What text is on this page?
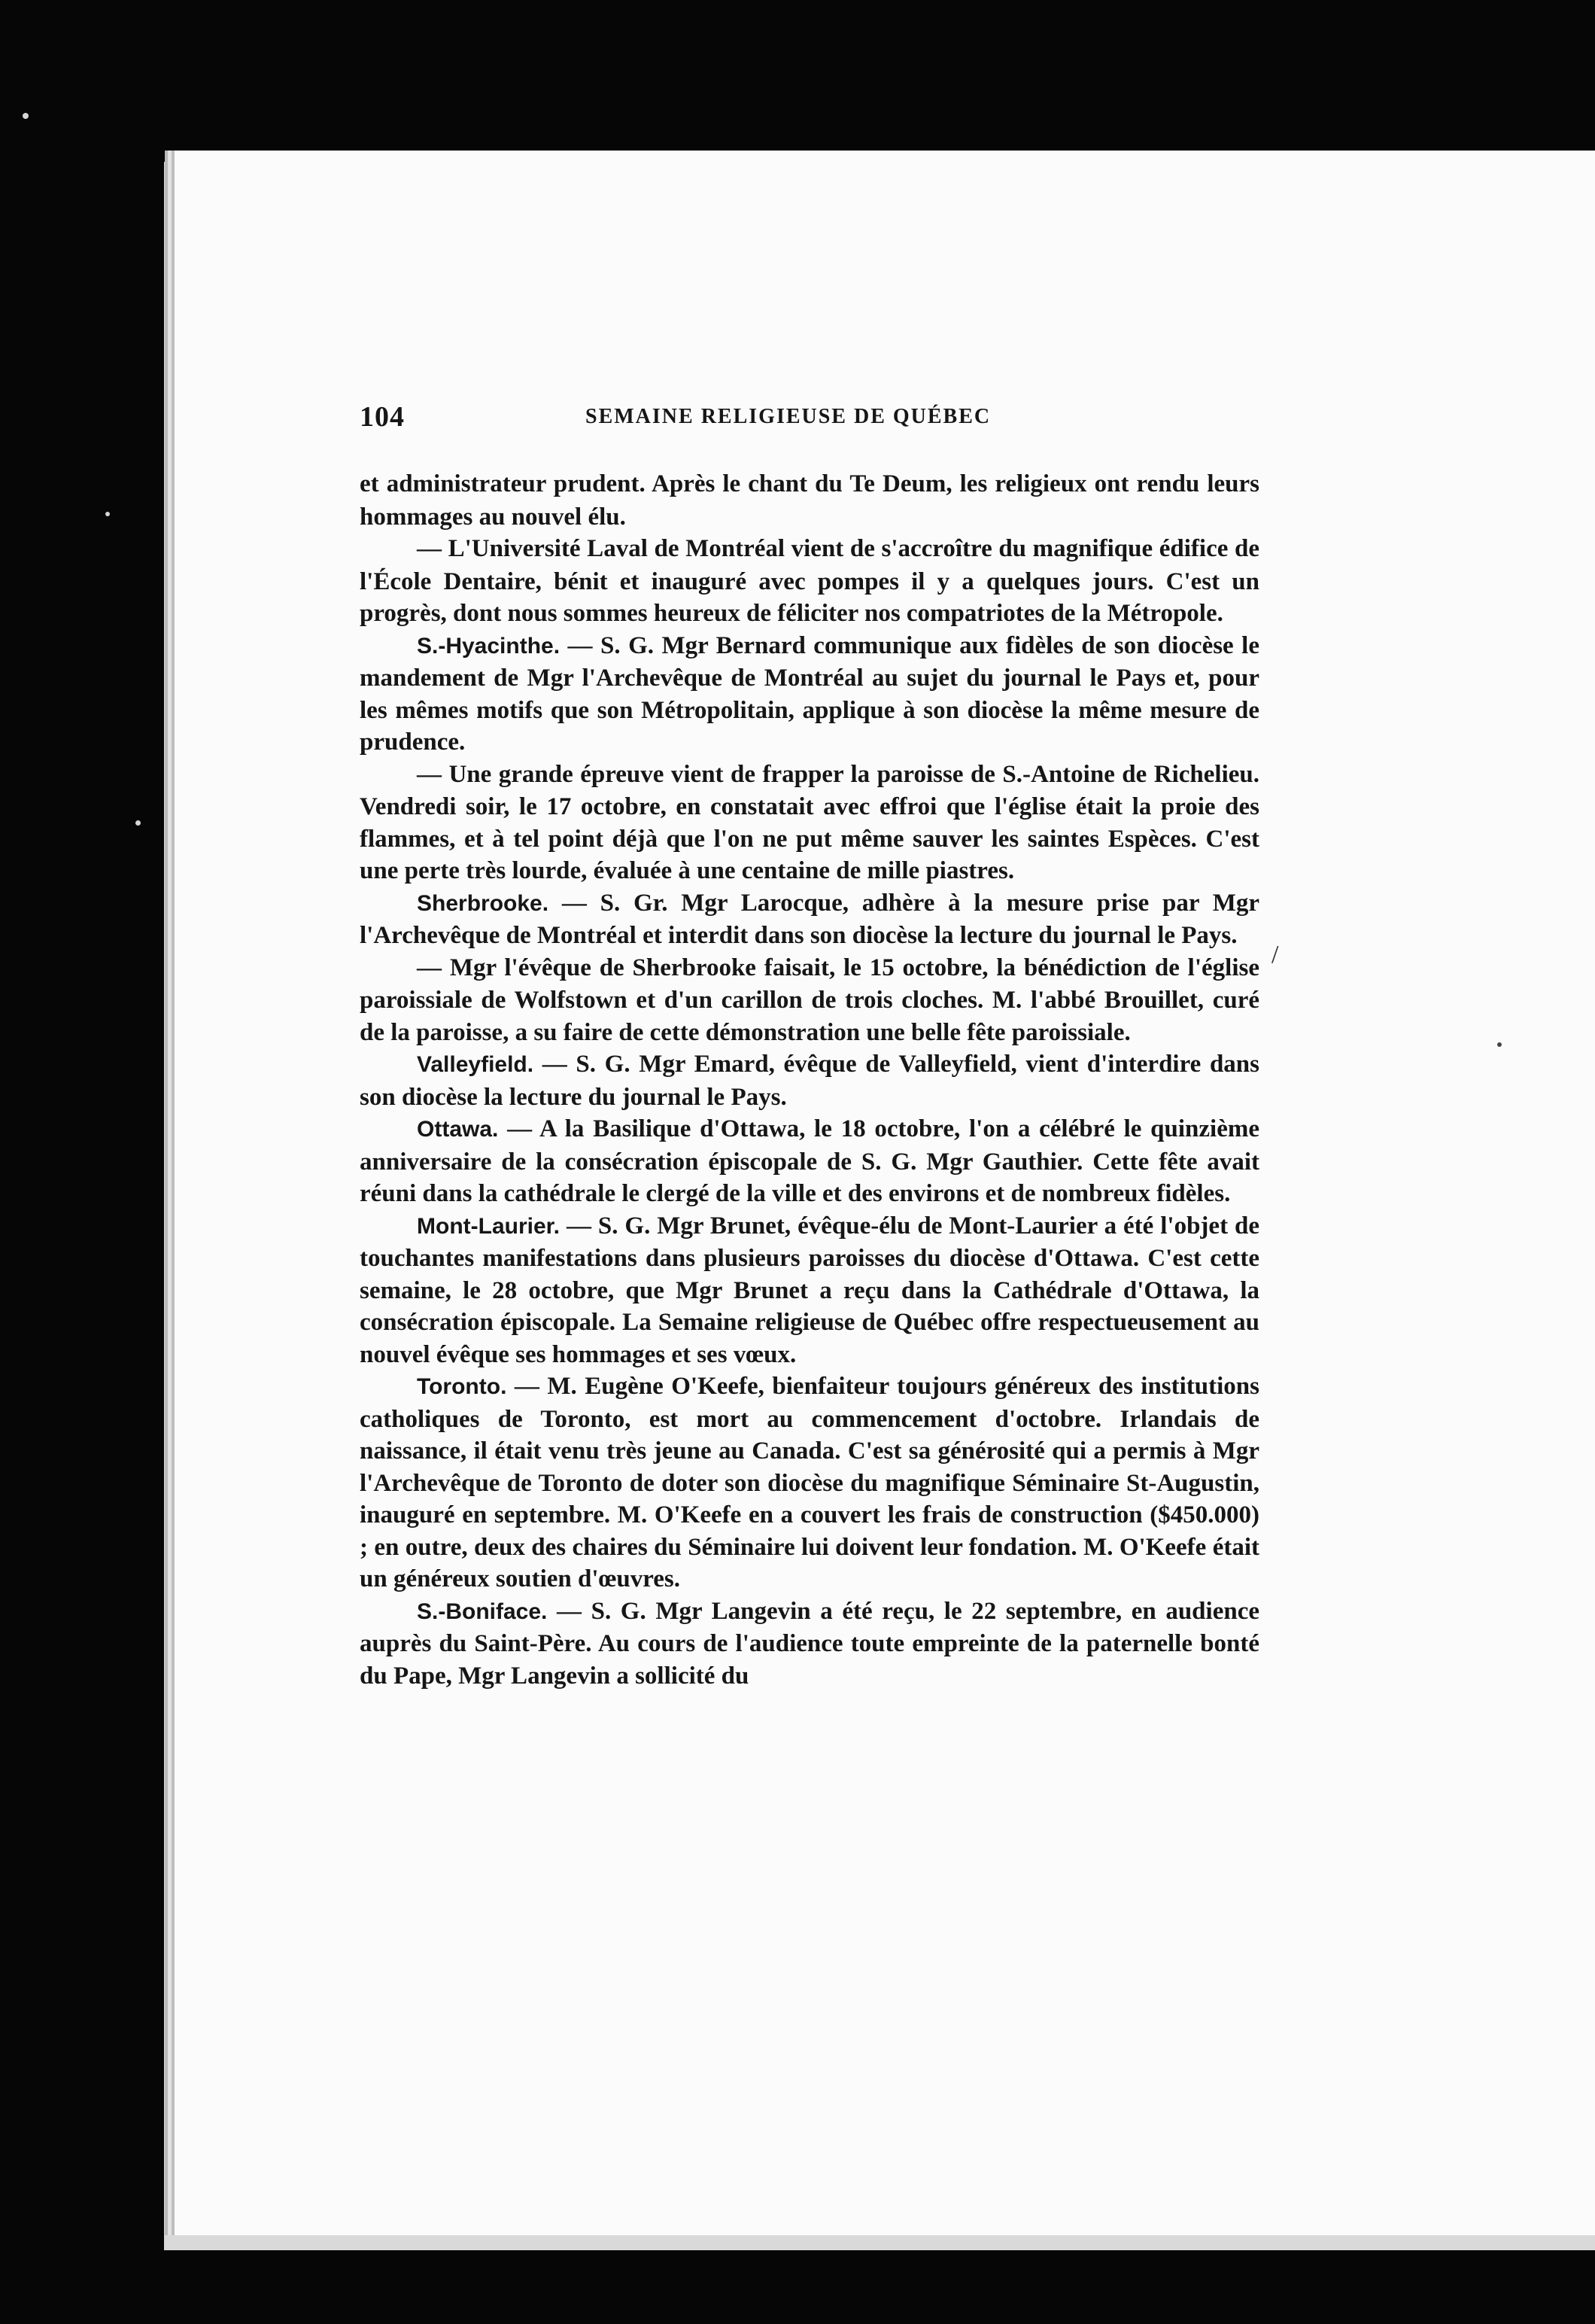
104	SEMAINE RELIGIEUSE DE QUÉBEC

et administrateur prudent. Après le chant du Te Deum, les religieux ont rendu leurs hommages au nouvel élu.

— L'Université Laval de Montréal vient de s'accroître du magnifique édifice de l'École Dentaire, bénit et inauguré avec pompes il y a quelques jours. C'est un progrès, dont nous sommes heureux de féliciter nos compatriotes de la Métropole.

S.-Hyacinthe. — S. G. Mgr Bernard communique aux fidèles de son diocèse le mandement de Mgr l'Archevêque de Montréal au sujet du journal le Pays et, pour les mêmes motifs que son Métropolitain, applique à son diocèse la même mesure de prudence.

— Une grande épreuve vient de frapper la paroisse de S.-Antoine de Richelieu. Vendredi soir, le 17 octobre, en constatait avec effroi que l'église était la proie des flammes, et à tel point déjà que l'on ne put même sauver les saintes Espèces. C'est une perte très lourde, évaluée à une centaine de mille piastres.

Sherbrooke. — S. Gr. Mgr Larocque, adhère à la mesure prise par Mgr l'Archevêque de Montréal et interdit dans son diocèse la lecture du journal le Pays.

— Mgr l'évêque de Sherbrooke faisait, le 15 octobre, la bénédiction de l'église paroissiale de Wolfstown et d'un carillon de trois cloches. M. l'abbé Brouillet, curé de la paroisse, a su faire de cette démonstration une belle fête paroissiale.

Valleyfield. — S. G. Mgr Emard, évêque de Valleyfield, vient d'interdire dans son diocèse la lecture du journal le Pays.

Ottawa. — A la Basilique d'Ottawa, le 18 octobre, l'on a célébré le quinzième anniversaire de la consécration épiscopale de S. G. Mgr Gauthier. Cette fête avait réuni dans la cathédrale le clergé de la ville et des environs et de nombreux fidèles.

Mont-Laurier. — S. G. Mgr Brunet, évêque-élu de Mont-Laurier a été l'objet de touchantes manifestations dans plusieurs paroisses du diocèse d'Ottawa. C'est cette semaine, le 28 octobre, que Mgr Brunet a reçu dans la Cathédrale d'Ottawa, la consécration épiscopale. La Semaine religieuse de Québec offre respectueusement au nouvel évêque ses hommages et ses vœux.

Toronto. — M. Eugène O'Keefe, bienfaiteur toujours généreux des institutions catholiques de Toronto, est mort au commencement d'octobre. Irlandais de naissance, il était venu très jeune au Canada. C'est sa générosité qui a permis à Mgr l'Archevêque de Toronto de doter son diocèse du magnifique Séminaire St-Augustin, inauguré en septembre. M. O'Keefe en a couvert les frais de construction ($450.000) ; en outre, deux des chaires du Séminaire lui doivent leur fondation. M. O'Keefe était un généreux soutien d'œuvres.

S.-Boniface. — S. G. Mgr Langevin a été reçu, le 22 septembre, en audience auprès du Saint-Père. Au cours de l'audience toute empreinte de la paternelle bonté du Pape, Mgr Langevin a sollicité du

/
